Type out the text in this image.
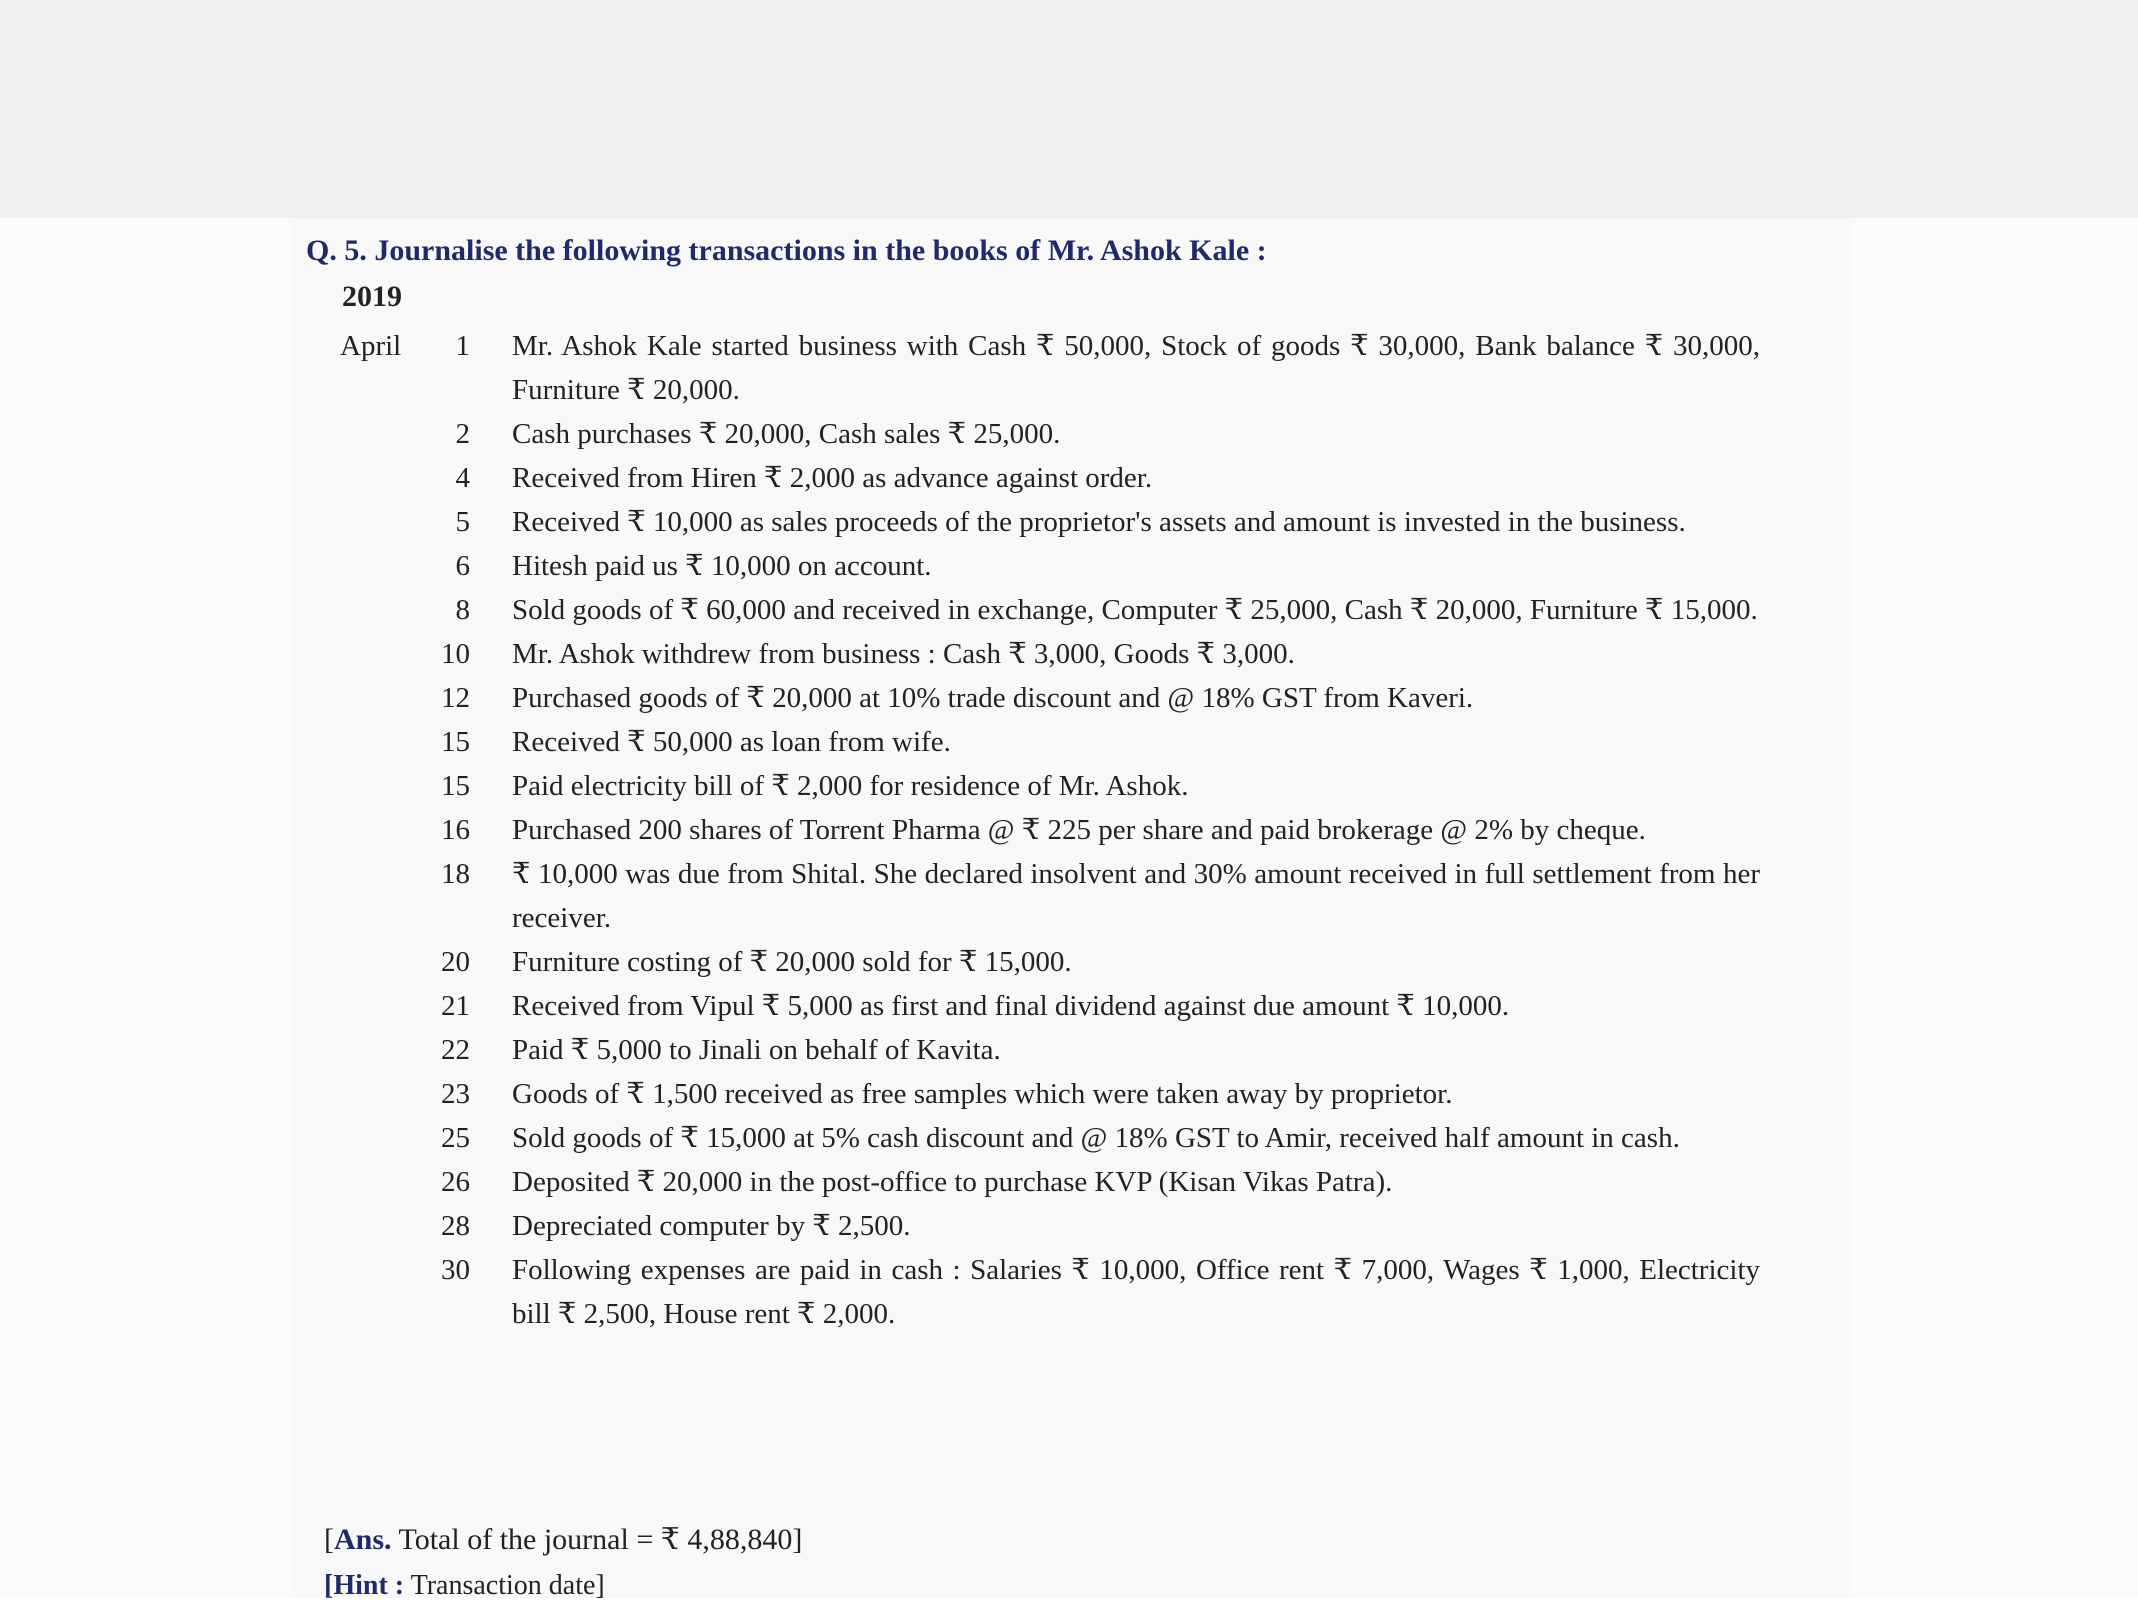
Q. 5. Journalise the following transactions in the books of Mr. Ashok Kale :
2019
April	1	Mr. Ashok Kale started business with Cash ₹ 50,000, Stock of goods ₹ 30,000, Bank balance ₹ 30,000, Furniture ₹ 20,000.
2	Cash purchases ₹ 20,000, Cash sales ₹ 25,000.
4	Received from Hiren ₹ 2,000 as advance against order.
5	Received ₹ 10,000 as sales proceeds of the proprietor's assets and amount is invested in the business.
6	Hitesh paid us ₹ 10,000 on account.
8	Sold goods of ₹ 60,000 and received in exchange, Computer ₹ 25,000, Cash ₹ 20,000, Furniture ₹ 15,000.
10	Mr. Ashok withdrew from business : Cash ₹ 3,000, Goods ₹ 3,000.
12	Purchased goods of ₹ 20,000 at 10% trade discount and @ 18% GST from Kaveri.
15	Received ₹ 50,000 as loan from wife.
15	Paid electricity bill of ₹ 2,000 for residence of Mr. Ashok.
16	Purchased 200 shares of Torrent Pharma @ ₹ 225 per share and paid brokerage @ 2% by cheque.
18	₹ 10,000 was due from Shital. She declared insolvent and 30% amount received in full settlement from her receiver.
20	Furniture costing of ₹ 20,000 sold for ₹ 15,000.
21	Received from Vipul ₹ 5,000 as first and final dividend against due amount ₹ 10,000.
22	Paid ₹ 5,000 to Jinali on behalf of Kavita.
23	Goods of ₹ 1,500 received as free samples which were taken away by proprietor.
25	Sold goods of ₹ 15,000 at 5% cash discount and @ 18% GST to Amir, received half amount in cash.
26	Deposited ₹ 20,000 in the post-office to purchase KVP (Kisan Vikas Patra).
28	Depreciated computer by ₹ 2,500.
30	Following expenses are paid in cash : Salaries ₹ 10,000, Office rent ₹ 7,000, Wages ₹ 1,000, Electricity bill ₹ 2,500, House rent ₹ 2,000.
[Ans. Total of the journal = ₹ 4,88,840]
[Hint : Transaction date]
